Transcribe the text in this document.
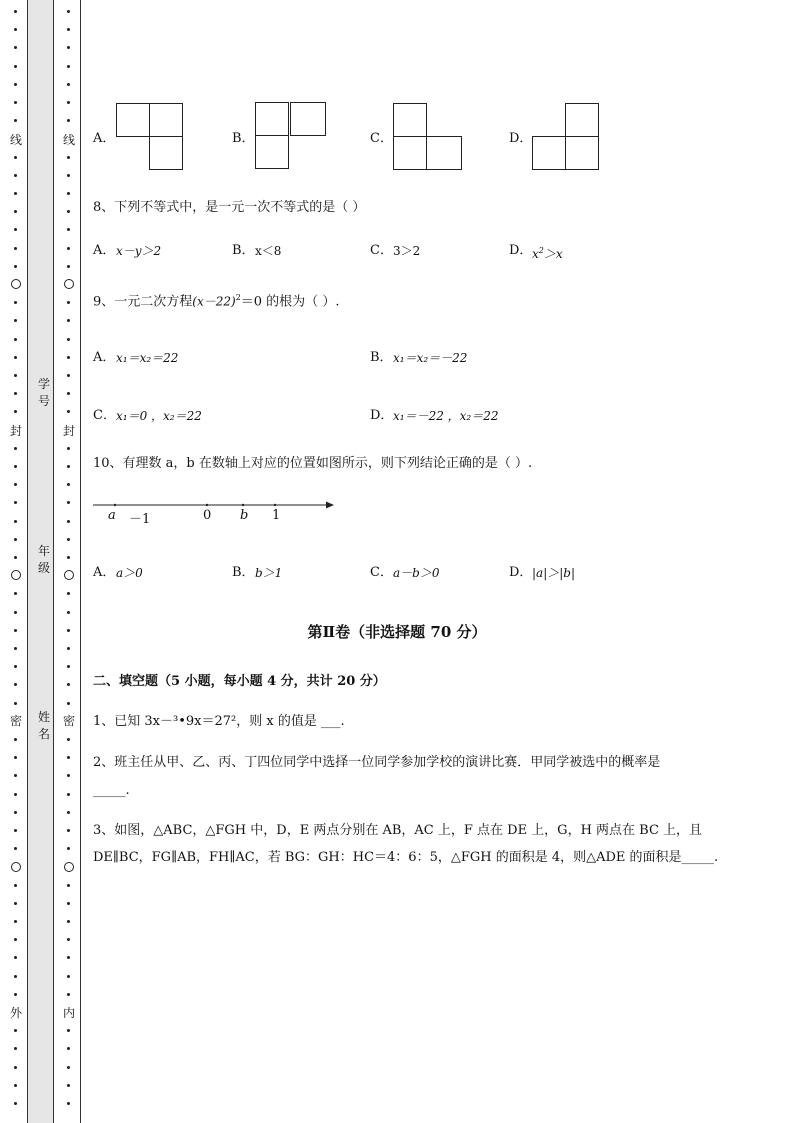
线
封
密
外
线
封
密
内
学号
年级
姓名
A．	B．	C．	D．
8、下列不等式中，是一元一次不等式的是（ ）
A． x－y＞2	B． x＜8	C． 3＞2	D． $x^2>x$
9、一元二次方程$(x-22)^2=0$ 的根为（ ）.
A． x₁＝x₂＝22	B． x₁＝x₂＝－22
C． x₁＝0 ，x₂＝22	D． x₁＝－22 ，x₂＝22
10、有理数 a，b 在数轴上对应的位置如图所示，则下列结论正确的是（ ）.
a －1	0 b 1
A． a＞0	B． b＞1	C． a－b＞0	D． |a|＞|b|
第Ⅱ卷（非选择题 70 分）
二、填空题（5 小题，每小题 4 分，共计 20 分）
1、已知 3x－³•9x＝27²，则 x 的值是 ___.
2、班主任从甲、乙、丙、丁四位同学中选择一位同学参加学校的演讲比赛．甲同学被选中的概率是
_____.
3、如图，△ABC，△FGH 中，D，E 两点分别在 AB，AC 上，F 点在 DE 上，G，H 两点在 BC 上，且
DE∥BC，FG∥AB，FH∥AC，若 BG：GH：HC＝4：6：5，△FGH 的面积是 4，则△ADE 的面积是_____.
